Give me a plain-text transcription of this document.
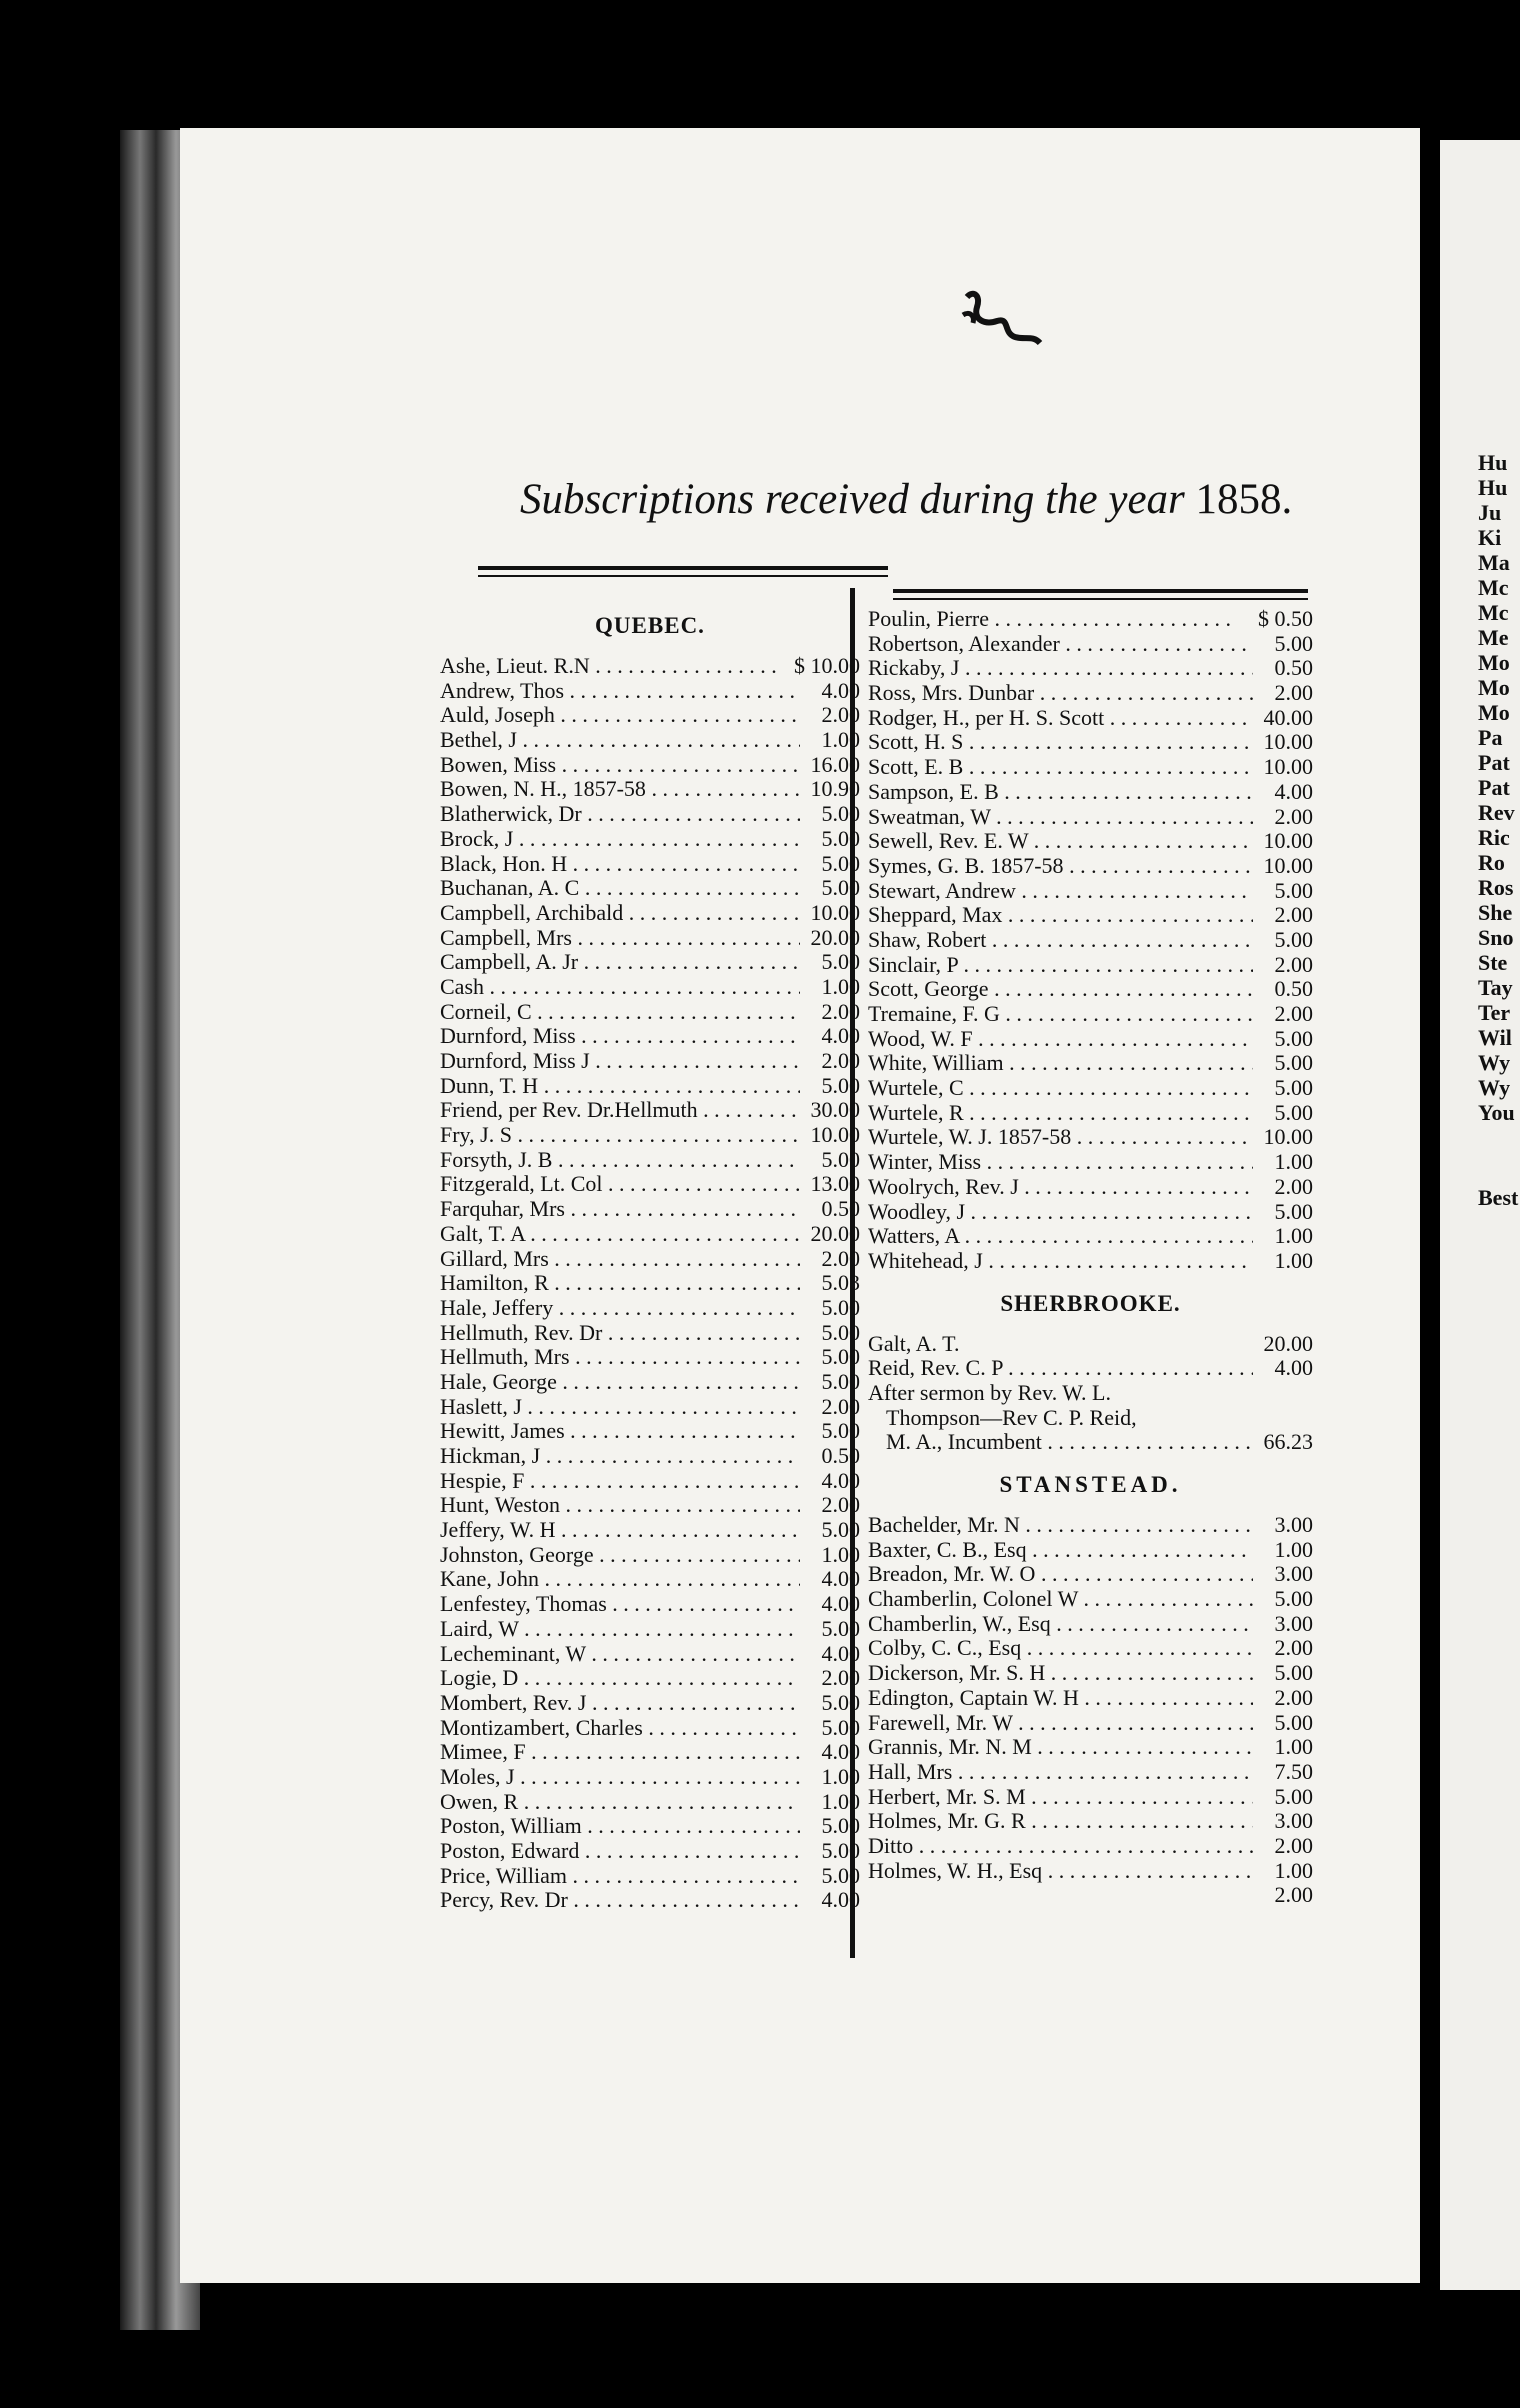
Hu
Hu
Ju
Ki
Ma
Mc
Mc
Me
Mo
Mo
Mo
Pa
Pat
Pat
Rev
Ric
Ro
Ros
She
Sno
Ste
Tay
Ter
Wil
Wy
Wy
You
Best
Subscriptions received during the year 1858.
QUEBEC.
Ashe, Lieut. R.N . . .	$ 10.00
Andrew, Thos . . .	4.00
Auld, Joseph . . .	2.00
Bethel, J . . .	1.00
Bowen, Miss . . .	16.00
Bowen, N. H., 1857-58 . . .	10.90
Blatherwick, Dr . . .	5.00
Brock, J . . .	5.00
Black, Hon. H . . .	5.00
Buchanan, A. C . . .	5.00
Campbell, Archibald . . .	10.00
Campbell, Mrs . . .	20.00
Campbell, A. Jr . . .	5.00
Cash . . .	1.00
Corneil, C . . .	2.00
Durnford, Miss . . .	4.00
Durnford, Miss J . . .	2.00
Dunn, T. H . . .	5.00
Friend, per Rev. Dr.Hellmuth . . .	30.00
Fry, J. S . . .	10.00
Forsyth, J. B . . .	5.00
Fitzgerald, Lt. Col . . .	13.00
Farquhar, Mrs . . .	0.50
Galt, T. A . . .	20.00
Gillard, Mrs . . .	2.00
Hamilton, R . . .	5.03
Hale, Jeffery . . .	5.00
Hellmuth, Rev. Dr . . .	5.00
Hellmuth, Mrs . . .	5.00
Hale, George . . .	5.00
Haslett, J . . .	2.00
Hewitt, James . . .	5.00
Hickman, J . . .	0.50
Hespie, F . . .	4.00
Hunt, Weston . . .	2.00
Jeffery, W. H . . .	5.00
Johnston, George . . .	1.00
Kane, John . . .	4.00
Lenfestey, Thomas . . .	4.00
Laird, W . . .	5.00
Lecheminant, W . . .	4.00
Logie, D . . .	2.00
Mombert, Rev. J . . .	5.00
Montizambert, Charles . . .	5.00
Mimee, F . . .	4.00
Moles, J . . .	1.00
Owen, R . . .	1.00
Poston, William . . .	5.00
Poston, Edward . . .	5.00
Price, William . . .	5.00
Percy, Rev. Dr . . .	4.00
Poulin, Pierre . . .	$ 0.50
Robertson, Alexander . . .	5.00
Rickaby, J . . .	0.50
Ross, Mrs. Dunbar . . .	2.00
Rodger, H., per H. S. Scott . . .	40.00
Scott, H. S . . .	10.00
Scott, E. B . . .	10.00
Sampson, E. B . . .	4.00
Sweatman, W . . .	2.00
Sewell, Rev. E. W . . .	10.00
Symes, G. B. 1857-58 . . .	10.00
Stewart, Andrew . . .	5.00
Sheppard, Max . . .	2.00
Shaw, Robert . . .	5.00
Sinclair, P . . .	2.00
Scott, George . . .	0.50
Tremaine, F. G . . .	2.00
Wood, W. F . . .	5.00
White, William . . .	5.00
Wurtele, C . . .	5.00
Wurtele, R . . .	5.00
Wurtele, W. J. 1857-58 . . .	10.00
Winter, Miss . . .	1.00
Woolrych, Rev. J . . .	2.00
Woodley, J . . .	5.00
Watters, A . . .	1.00
Whitehead, J . . .	1.00
SHERBROOKE.
Galt, A. T.	20.00
Reid, Rev. C. P . . .	4.00
After sermon by Rev. W. L.
Thompson—Rev C. P. Reid,
M. A., Incumbent . . .	66.23
STANSTEAD.
Bachelder, Mr. N . . .	3.00
Baxter, C. B., Esq . . .	1.00
Breadon, Mr. W. O . . .	3.00
Chamberlin, Colonel W . . .	5.00
Chamberlin, W., Esq . . .	3.00
Colby, C. C., Esq . . .	2.00
Dickerson, Mr. S. H . . .	5.00
Edington, Captain W. H . . .	2.00
Farewell, Mr. W . . .	5.00
Grannis, Mr. N. M . . .	1.00
Hall, Mrs . . .	7.50
Herbert, Mr. S. M . . .	5.00
Holmes, Mr. G. R . . .	3.00
Ditto . . .	2.00
Holmes, W. H., Esq . . .	1.00
2.00
